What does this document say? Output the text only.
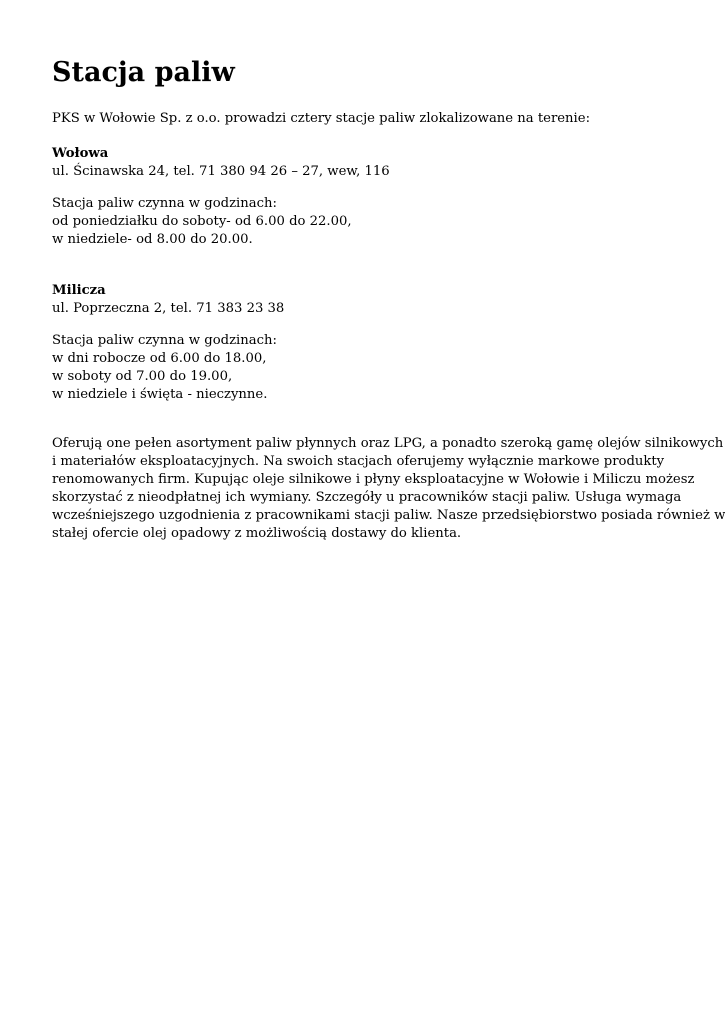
Stacja paliw

PKS w Wołowie Sp. z o.o. prowadzi cztery stacje paliw zlokalizowane na terenie:

Wołowa
ul. Ścinawska 24, tel. 71 380 94 26 – 27, wew, 116
Stacja paliw czynna w godzinach:
od poniedziałku do soboty- od 6.00 do 22.00,
w niedziele- od 8.00 do 20.00.
Milicza
ul. Poprzeczna 2, tel. 71 383 23 38
Stacja paliw czynna w godzinach:
w dni robocze od 6.00 do 18.00,
w soboty od 7.00 do 19.00,
w niedziele i święta - nieczynne.
Oferują one pełen asortyment paliw płynnych oraz LPG, a ponadto szeroką gamę olejów silnikowych
i materiałów eksploatacyjnych. Na swoich stacjach oferujemy wyłącznie markowe produkty
renomowanych firm. Kupując oleje silnikowe i płyny eksploatacyjne w Wołowie i Miliczu możesz
skorzystać z nieodpłatnej ich wymiany. Szczegóły u pracowników stacji paliw. Usługa wymaga
wcześniejszego uzgodnienia z pracownikami stacji paliw. Nasze przedsiębiorstwo posiada również w
stałej ofercie olej opadowy z możliwością dostawy do klienta.
